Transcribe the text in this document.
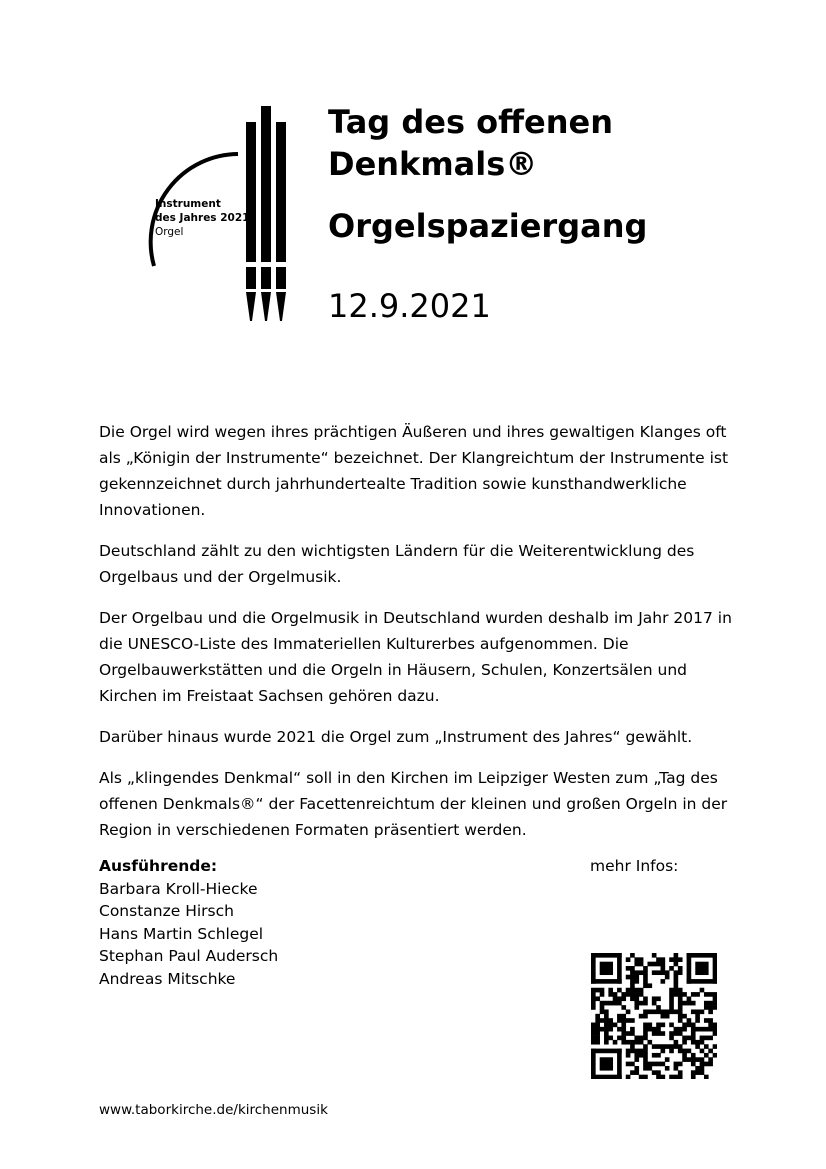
Instrument
des Jahres 2021
Orgel
Tag des offenen
Denkmals®
Orgelspaziergang
12.9.2021

Die Orgel wird wegen ihres prächtigen Äußeren und ihres gewaltigen Klanges oft als „Königin der Instrumente“ bezeichnet. Der Klangreichtum der Instrumente ist gekennzeichnet durch jahrhundertealte Tradition sowie kunsthandwerkliche Innovationen.

Deutschland zählt zu den wichtigsten Ländern für die Weiterentwicklung des Orgelbaus und der Orgelmusik.

Der Orgelbau und die Orgelmusik in Deutschland wurden deshalb im Jahr 2017 in die UNESCO-Liste des Immateriellen Kulturerbes aufgenommen. Die Orgelbauwerkstätten und die Orgeln in Häusern, Schulen, Konzertsälen und Kirchen im Freistaat Sachsen gehören dazu.

Darüber hinaus wurde 2021 die Orgel zum „Instrument des Jahres“ gewählt.

Als „klingendes Denkmal“ soll in den Kirchen im Leipziger Westen zum „Tag des offenen Denkmals®“ der Facettenreichtum der kleinen und großen Orgeln in der Region in verschiedenen Formaten präsentiert werden.

Ausführende:
Barbara Kroll-Hiecke
Constanze Hirsch
Hans Martin Schlegel
Stephan Paul Audersch
Andreas Mitschke
mehr Infos:
www.taborkirche.de/kirchenmusik
